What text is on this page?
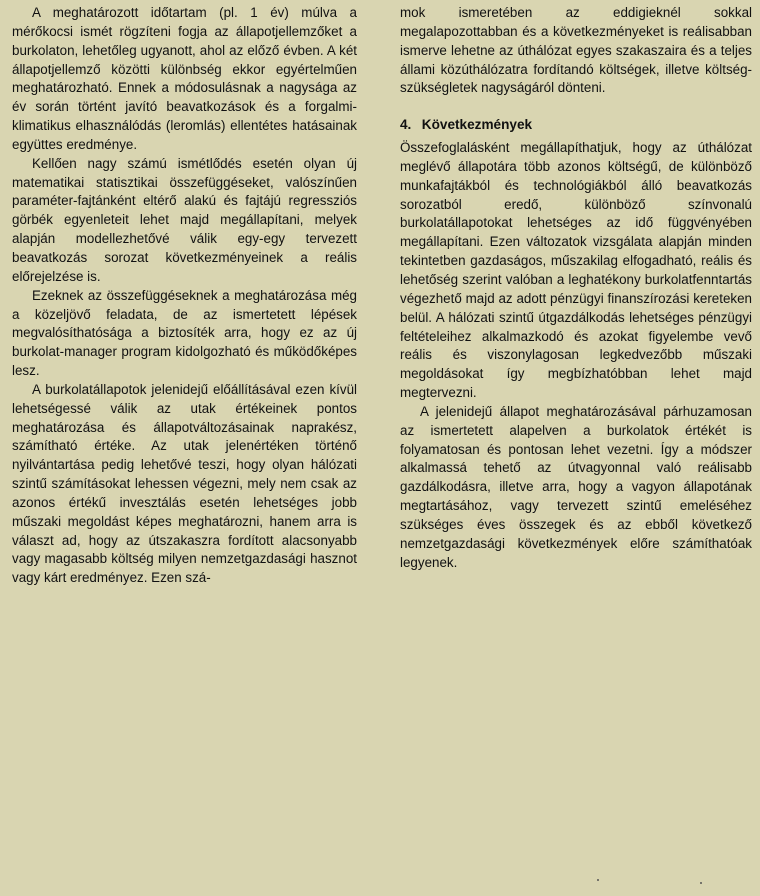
A meghatározott időtartam (pl. 1 év) múlva a mérőkocsi ismét rögzíteni fogja az állapotjellemzőket a burkolaton, lehetőleg ugyanott, ahol az előző évben. A két állapotjellemző közötti különbség ekkor egyértelműen meghatározható. Ennek a módosulásnak a nagysága az év során történt javító beavatkozások és a forgalmi-klimatikus elhasználódás (leromlás) ellentétes hatásainak együttes eredménye.

Kellően nagy számú ismétlődés esetén olyan új matematikai statisztikai összefüggéseket, valószínűen paraméter-fajtánként eltérő alakú és fajtájú regressziós görbék egyenleteit lehet majd megállapítani, melyek alapján modellezhetővé válik egy-egy tervezett beavatkozás sorozat következményeinek a reális előrejelzése is.

Ezeknek az összefüggéseknek a meghatározása még a közeljövő feladata, de az ismertetett lépések megvalósíthatósága a biztosíték arra, hogy ez az új burkolat-manager program kidolgozható és működőképes lesz.

A burkolatállapotok jelenidejű előállításával ezen kívül lehetségessé válik az utak értékeinek pontos meghatározása és állapotváltozásainak naprakész, számítható értéke. Az utak jelenértéken történő nyilvántartása pedig lehetővé teszi, hogy olyan hálózati szintű számításokat lehessen végezni, mely nem csak az azonos értékű invesztálás esetén lehetséges jobb műszaki megoldást képes meghatározni, hanem arra is választ ad, hogy az útszakaszra fordított alacsonyabb vagy magasabb költség milyen nemzetgazdasági hasznot vagy kárt eredményez. Ezen szá-

mok ismeretében az eddigieknél sokkal megalapozottabban és a következményeket is reálisabban ismerve lehetne az úthálózat egyes szakaszaira és a teljes állami közúthálózatra fordítandó költségek, illetve költség-szükségletek nagyságáról dönteni.

4. Következmények

Összefoglalásként megállapíthatjuk, hogy az úthálózat meglévő állapotára több azonos költségű, de különböző munkafajtákból és technológiákból álló beavatkozás sorozatból eredő, különböző színvonalú burkolatállapotokat lehetséges az idő függvényében megállapítani. Ezen változatok vizsgálata alapján minden tekintetben gazdaságos, műszakilag elfogadható, reális és lehetőség szerint valóban a leghatékony burkolatfenntartás végezhető majd az adott pénzügyi finanszírozási kereteken belül. A hálózati szintű útgazdálkodás lehetséges pénzügyi feltételeihez alkalmazkodó és azokat figyelembe vevő reális és viszonylagosan legkedvezőbb műszaki megoldásokat így megbízhatóbban lehet majd megtervezni.

A jelenidejű állapot meghatározásával párhuzamosan az ismertetett alapelven a burkolatok értékét is folyamatosan és pontosan lehet vezetni. Így a módszer alkalmassá tehető az útvagyonnal való reálisabb gazdálkodásra, illetve arra, hogy a vagyon állapotának megtartásához, vagy tervezett szintű emeléséhez szükséges éves összegek és az ebből következő nemzetgazdasági következmények előre számíthatóak legyenek.
